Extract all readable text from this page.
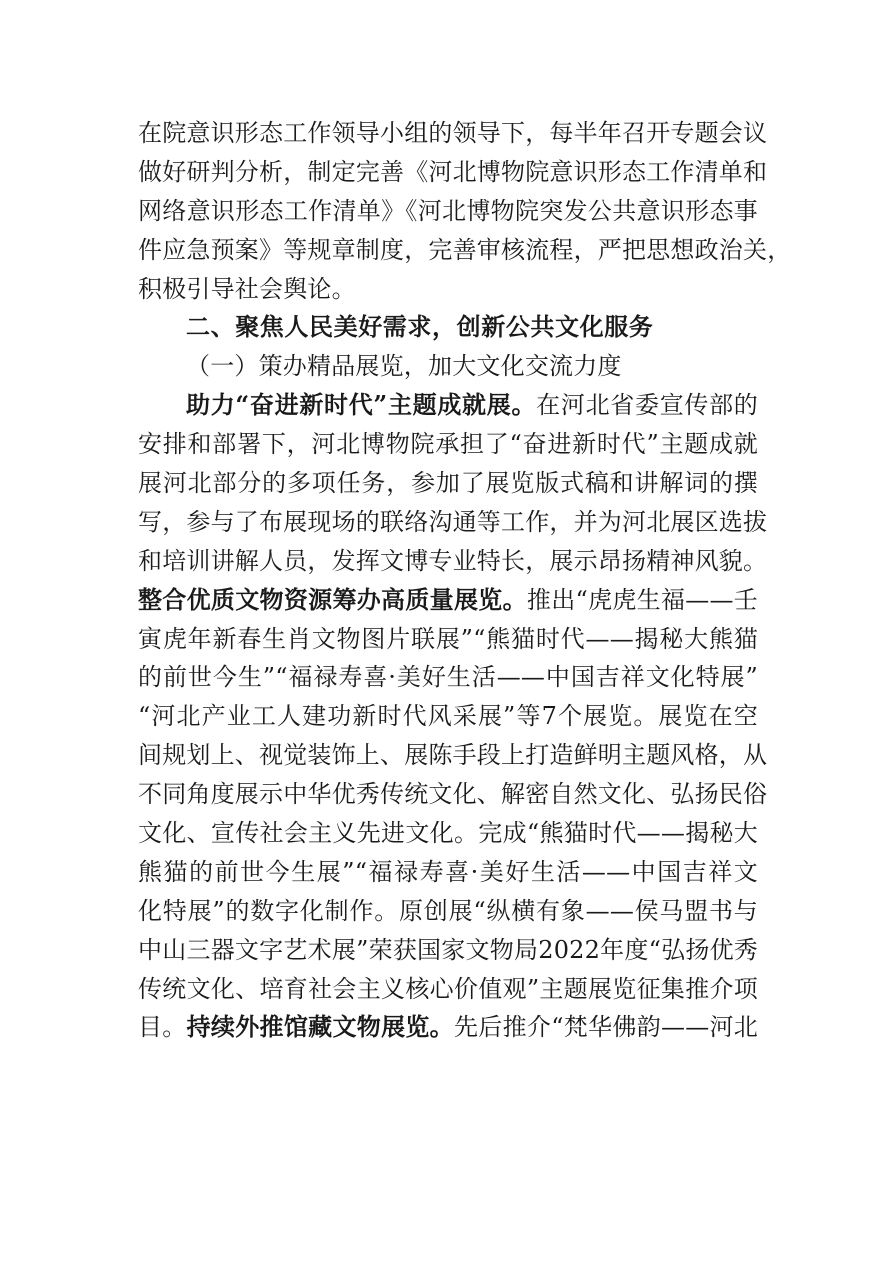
在院意识形态工作领导小组的领导下，每半年召开专题会议
做好研判分析，制定完善《河北博物院意识形态工作清单和
网络意识形态工作清单》《河北博物院突发公共意识形态事
件应急预案》等规章制度，完善审核流程，严把思想政治关，
积极引导社会舆论。
二、聚焦人民美好需求，创新公共文化服务
（一）策办精品展览，加大文化交流力度
助力“奋进新时代”主题成就展。在河北省委宣传部的
安排和部署下，河北博物院承担了“奋进新时代”主题成就
展河北部分的多项任务，参加了展览版式稿和讲解词的撰
写，参与了布展现场的联络沟通等工作，并为河北展区选拔
和培训讲解人员，发挥文博专业特长，展示昂扬精神风貌。
整合优质文物资源筹办高质量展览。推出“虎虎生福——壬
寅虎年新春生肖文物图片联展”“熊猫时代——揭秘大熊猫
的前世今生”“福禄寿喜·美好生活——中国吉祥文化特展”
“河北产业工人建功新时代风采展”等7个展览。展览在空
间规划上、视觉装饰上、展陈手段上打造鲜明主题风格，从
不同角度展示中华优秀传统文化、解密自然文化、弘扬民俗
文化、宣传社会主义先进文化。完成“熊猫时代——揭秘大
熊猫的前世今生展”“福禄寿喜·美好生活——中国吉祥文
化特展”的数字化制作。原创展“纵横有象——侯马盟书与
中山三器文字艺术展”荣获国家文物局2022年度“弘扬优秀
传统文化、培育社会主义核心价值观”主题展览征集推介项
目。持续外推馆藏文物展览。先后推介“梵华佛韵——河北
